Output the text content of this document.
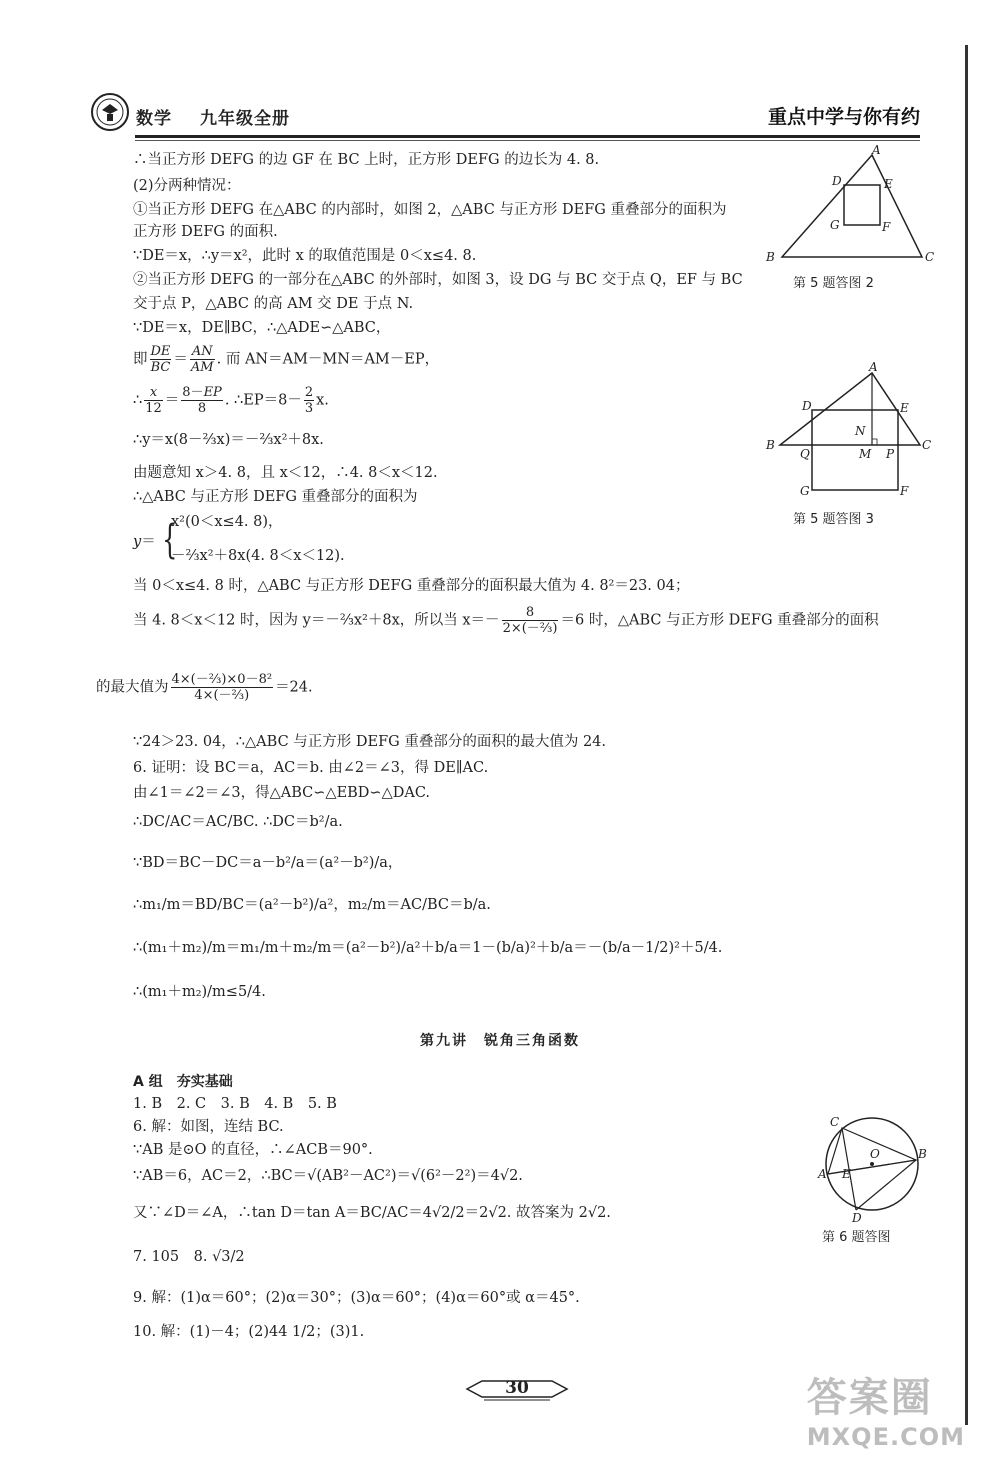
数学 九年级全册	重点中学与你有约
∴当正方形 DEFG 的边 GF 在 BC 上时，正方形 DEFG 的边长为 4. 8.
(2)分两种情况：
①当正方形 DEFG 在△ABC 的内部时，如图 2，△ABC 与正方形 DEFG 重叠部分的面积为
正方形 DEFG 的面积.
∵DE＝x，∴y＝x²，此时 x 的取值范围是 0＜x≤4. 8.
②当正方形 DEFG 的一部分在△ABC 的外部时，如图 3，设 DG 与 BC 交于点 Q，EF 与 BC
交于点 P，△ABC 的高 AM 交 DE 于点 N.
∵DE＝x，DE∥BC，∴△ADE∽△ABC，
即 $\frac{DE}{BC} = \frac{AN}{AM}$ . 而 AN＝AM－MN＝AM－EP，
∴ $\frac{x}{12} = \frac{8-EP}{8}$ . ∴EP＝8－ $\frac{2}{3} x$.
∴y＝x(8－⅔x)＝－⅔x²＋8x.
由题意知 x＞4. 8，且 x＜12，∴4. 8＜x＜12.
∴△ABC 与正方形 DEFG 重叠部分的面积为
y＝ {
x²(0＜x≤4. 8)，
－⅔x²＋8x(4. 8＜x＜12).
当 0＜x≤4. 8 时，△ABC 与正方形 DEFG 重叠部分的面积最大值为 4. 8²＝23. 04；
当 4. 8＜x＜12 时，因为 y＝－⅔x²＋8x，所以当 $x=- \frac{8}{\text{2×(－⅔)}} =6$ 时，△ABC 与正方形 DEFG 重叠部分的面积
的最大值为 $\frac{\text{4×(－⅔)×0－8²}}{\text{4×(－⅔)}} =24$.
∵24＞23. 04，∴△ABC 与正方形 DEFG 重叠部分的面积的最大值为 24.
6. 证明：设 BC＝a，AC＝b. 由∠2＝∠3，得 DE∥AC.
由∠1＝∠2＝∠3，得△ABC∽△EBD∽△DAC.
∴DC/AC＝AC/BC. ∴DC＝b²/a.
∵BD＝BC－DC＝a－b²/a＝(a²－b²)/a，
∴m₁/m＝BD/BC＝(a²－b²)/a²，m₂/m＝AC/BC＝b/a.
∴(m₁＋m₂)/m＝m₁/m＋m₂/m＝(a²－b²)/a²＋b/a＝1－(b/a)²＋b/a＝－(b/a－1/2)²＋5/4.
∴(m₁＋m₂)/m≤5/4.
第九讲　锐角三角函数
A 组　夯实基础
1. B　2. C　3. B　4. B　5. B
6. 解：如图，连结 BC.
∵AB 是⊙O 的直径，∴∠ACB＝90°.
∵AB＝6，AC＝2，∴BC＝√(AB²－AC²)＝√(6²－2²)＝4√2.
又∵∠D＝∠A，∴tan D＝tan A＝BC/AC＝4√2/2＝2√2. 故答案为 2√2.
7. 105　8. √3/2
9. 解：(1)α＝60°；(2)α＝30°；(3)α＝60°；(4)α＝60°或 α＝45°.
10. 解：(1)－4；(2)44 1/2；(3)1.
A
D	E
G	F
B	C
第 5 题答图 2
A
D	E
N
B	C
Q	M P
G	F
第 5 题答图 3
C
B
A E
O
D
第 6 题答图
30	答案圈
MXQE.COM
